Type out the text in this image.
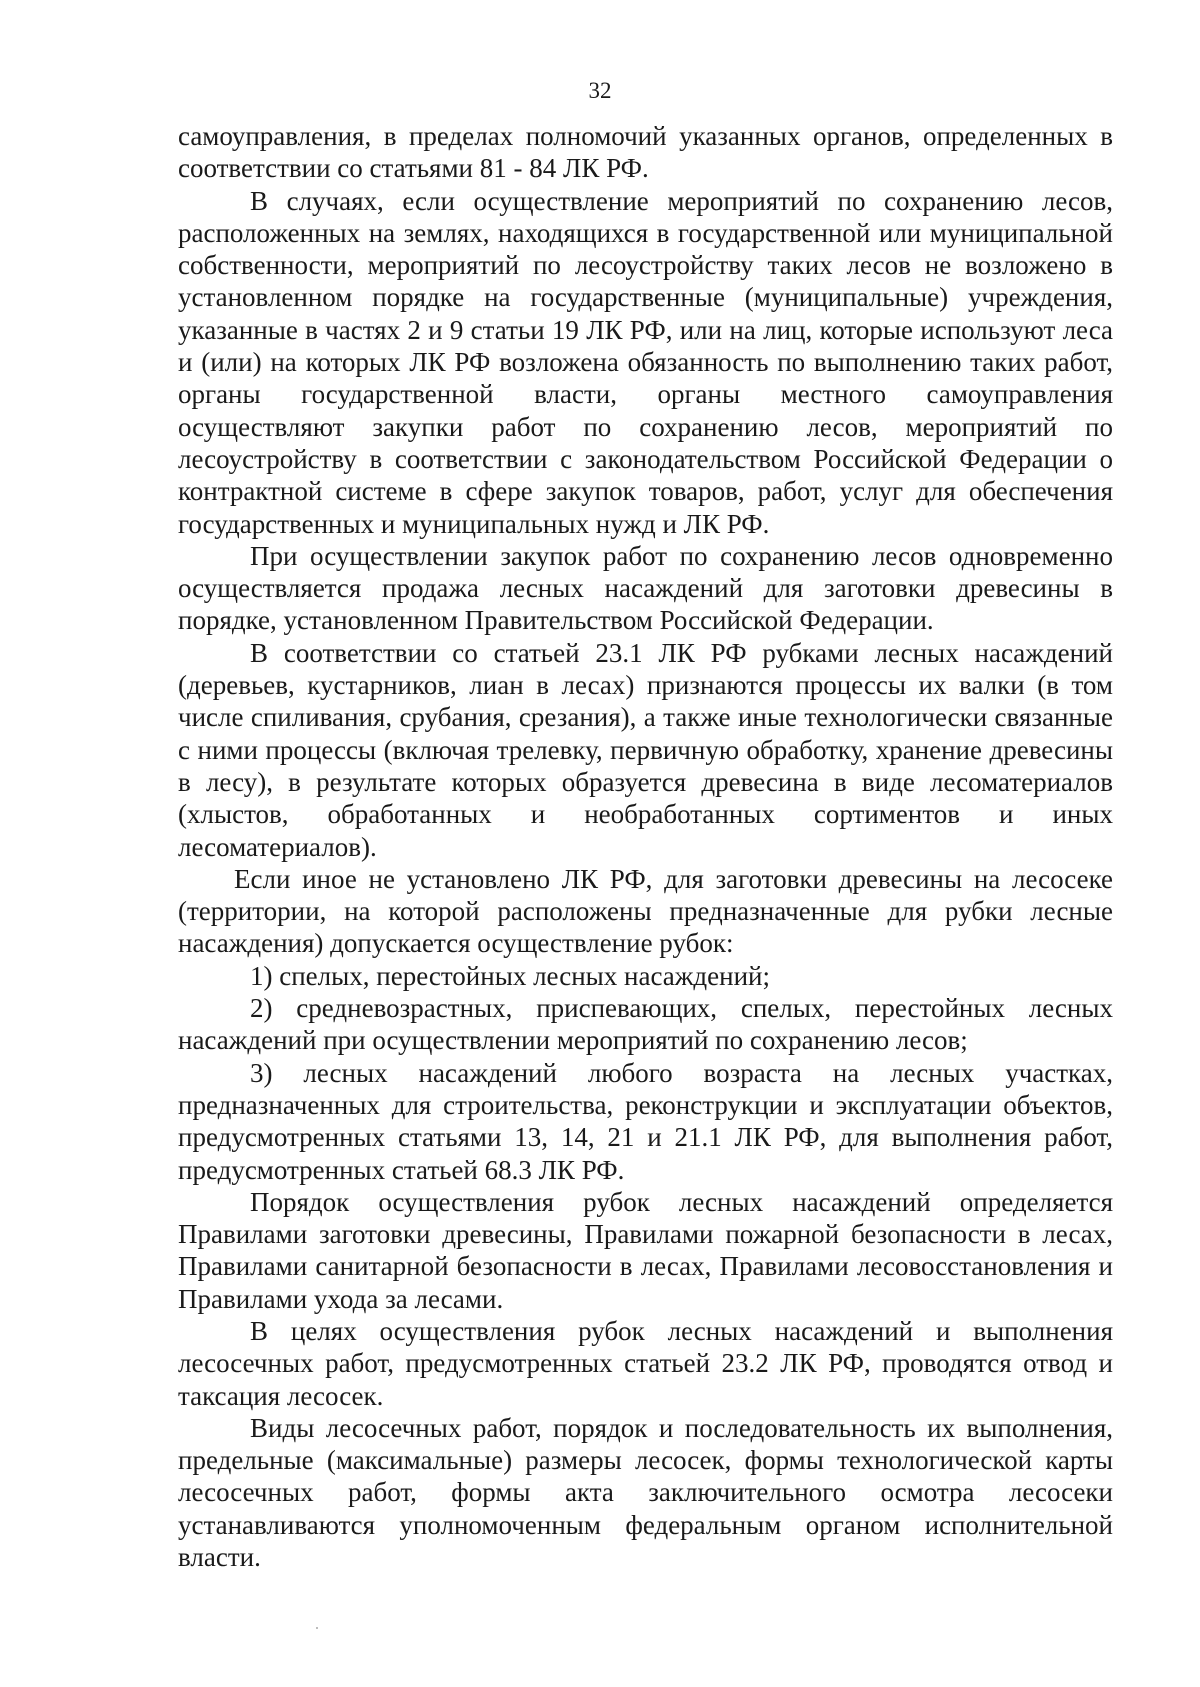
32

самоуправления, в пределах полномочий указанных органов, определенных в соответствии со статьями 81 - 84 ЛК РФ.

В случаях, если осуществление мероприятий по сохранению лесов, расположенных на землях, находящихся в государственной или муниципальной собственности, мероприятий по лесоустройству таких лесов не возложено в установленном порядке на государственные (муниципальные) учреждения, указанные в частях 2 и 9 статьи 19 ЛК РФ, или на лиц, которые используют леса и (или) на которых ЛК РФ возложена обязанность по выполнению таких работ, органы государственной власти, органы местного самоуправления осуществляют закупки работ по сохранению лесов, мероприятий по лесоустройству в соответствии с законодательством Российской Федерации о контрактной системе в сфере закупок товаров, работ, услуг для обеспечения государственных и муниципальных нужд и ЛК РФ.

При осуществлении закупок работ по сохранению лесов одновременно осуществляется продажа лесных насаждений для заготовки древесины в порядке, установленном Правительством Российской Федерации.

В соответствии со статьей 23.1 ЛК РФ рубками лесных насаждений (деревьев, кустарников, лиан в лесах) признаются процессы их валки (в том числе спиливания, срубания, срезания), а также иные технологически связанные с ними процессы (включая трелевку, первичную обработку, хранение древесины в лесу), в результате которых образуется древесина в виде лесоматериалов (хлыстов, обработанных и необработанных сортиментов и иных лесоматериалов).

Если иное не установлено ЛК РФ, для заготовки древесины на лесосеке (территории, на которой расположены предназначенные для рубки лесные насаждения) допускается осуществление рубок:

1) спелых, перестойных лесных насаждений;

2) средневозрастных, приспевающих, спелых, перестойных лесных насаждений при осуществлении мероприятий по сохранению лесов;

3) лесных насаждений любого возраста на лесных участках, предназначенных для строительства, реконструкции и эксплуатации объектов, предусмотренных статьями 13, 14, 21 и 21.1 ЛК РФ, для выполнения работ, предусмотренных статьей 68.3 ЛК РФ.

Порядок осуществления рубок лесных насаждений определяется Правилами заготовки древесины, Правилами пожарной безопасности в лесах, Правилами санитарной безопасности в лесах, Правилами лесовосстановления и Правилами ухода за лесами.

В целях осуществления рубок лесных насаждений и выполнения лесосечных работ, предусмотренных статьей 23.2 ЛК РФ, проводятся отвод и таксация лесосек.

Виды лесосечных работ, порядок и последовательность их выполнения, предельные (максимальные) размеры лесосек, формы технологической карты лесосечных работ, формы акта заключительного осмотра лесосеки устанавливаются уполномоченным федеральным органом исполнительной власти.
